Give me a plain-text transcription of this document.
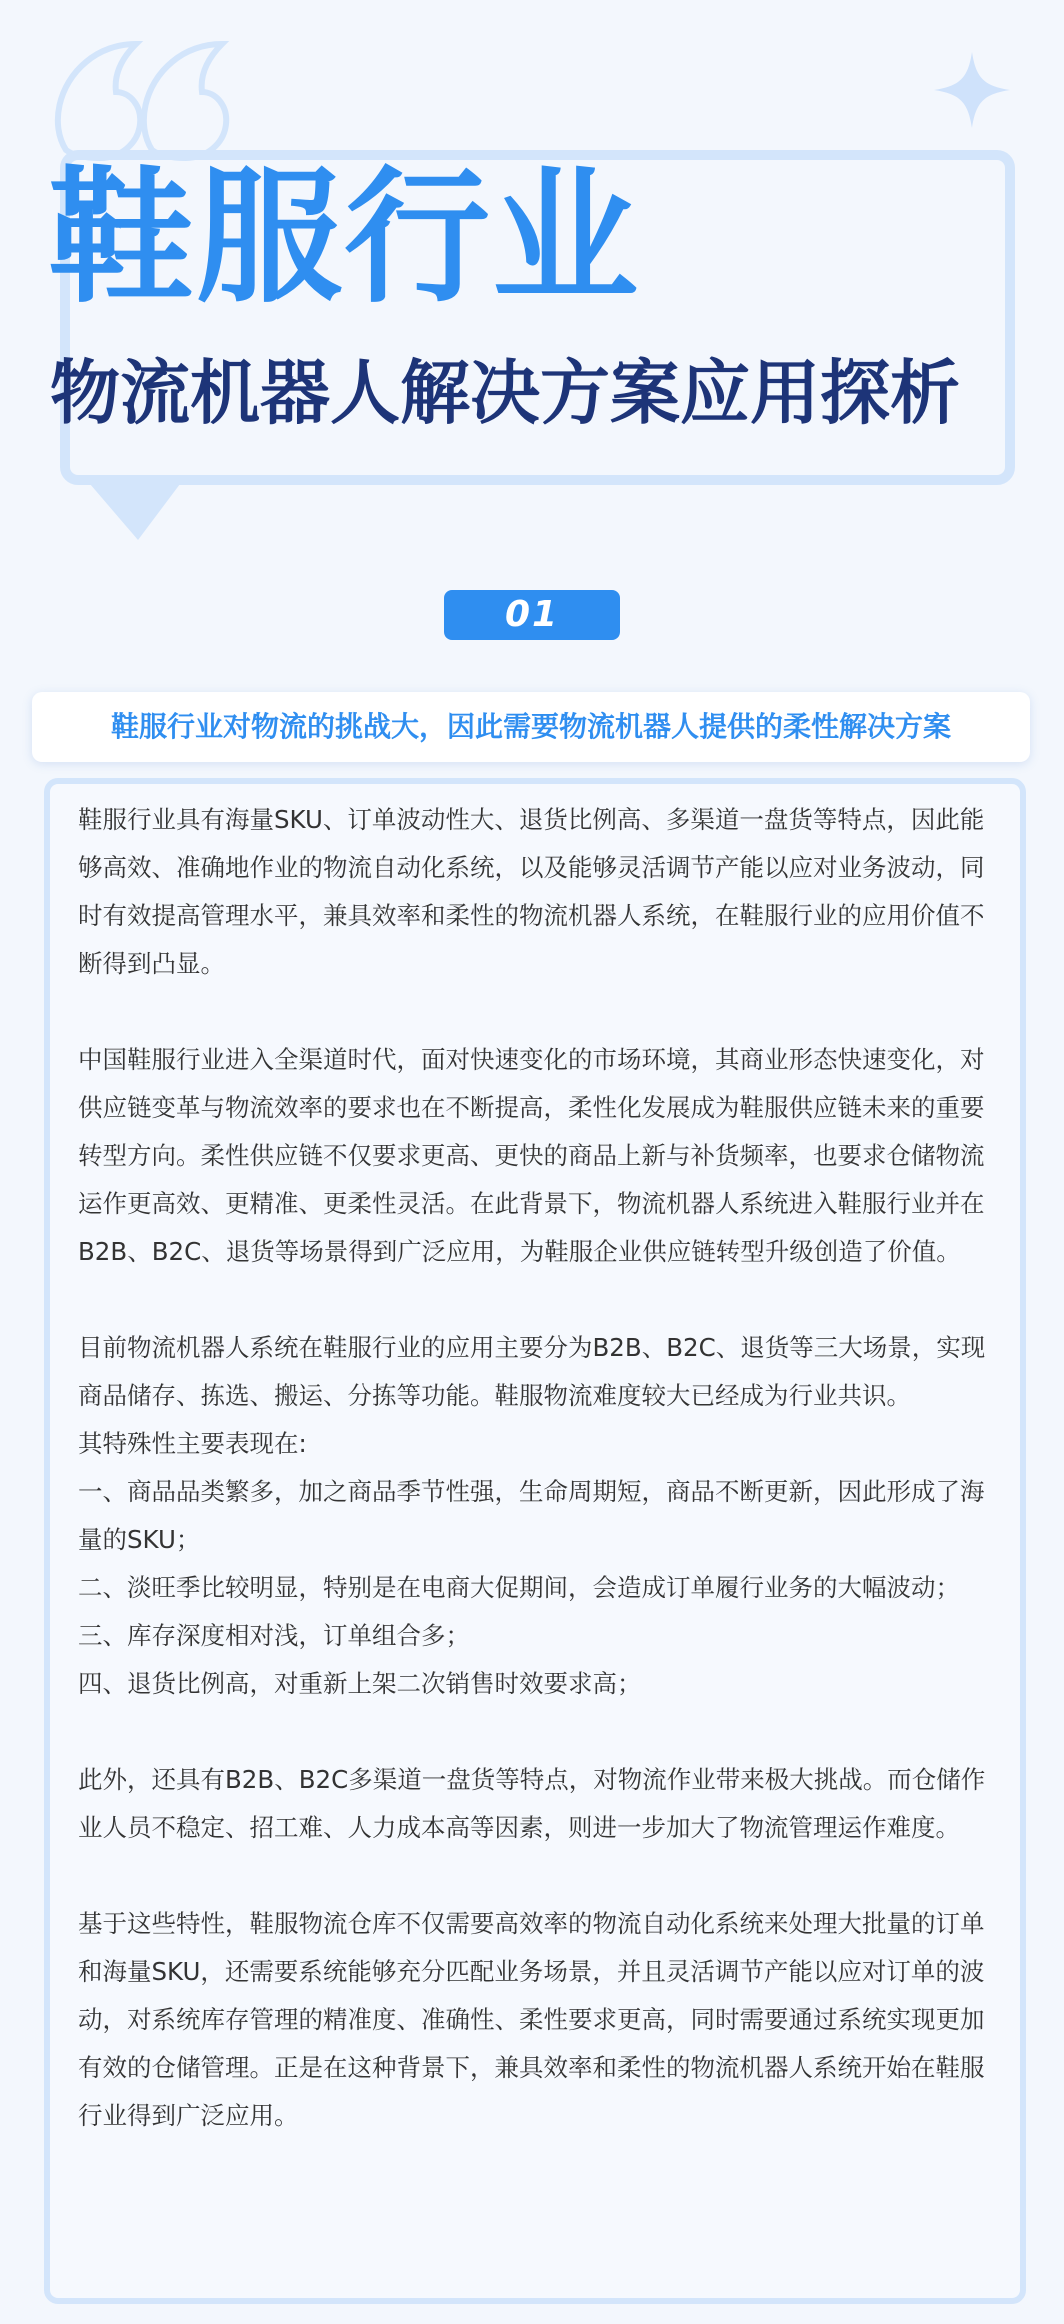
鞋服行业
物流机器人解决方案应用探析
01
鞋服行业对物流的挑战大，因此需要物流机器人提供的柔性解决方案

鞋服行业具有海量SKU、订单波动性大、退货比例高、多渠道一盘货等特点，因此能够高效、准确地作业的物流自动化系统，以及能够灵活调节产能以应对业务波动，同时有效提高管理水平，兼具效率和柔性的物流机器人系统，在鞋服行业的应用价值不断得到凸显。

中国鞋服行业进入全渠道时代，面对快速变化的市场环境，其商业形态快速变化，对供应链变革与物流效率的要求也在不断提高，柔性化发展成为鞋服供应链未来的重要转型方向。柔性供应链不仅要求更高、更快的商品上新与补货频率，也要求仓储物流运作更高效、更精准、更柔性灵活。在此背景下，物流机器人系统进入鞋服行业并在B2B、B2C、退货等场景得到广泛应用，为鞋服企业供应链转型升级创造了价值。

目前物流机器人系统在鞋服行业的应用主要分为B2B、B2C、退货等三大场景，实现商品储存、拣选、搬运、分拣等功能。鞋服物流难度较大已经成为行业共识。

其特殊性主要表现在:

一、商品品类繁多，加之商品季节性强，生命周期短，商品不断更新，因此形成了海量的SKU；

二、淡旺季比较明显，特别是在电商大促期间，会造成订单履行业务的大幅波动；

三、库存深度相对浅，订单组合多；

四、退货比例高，对重新上架二次销售时效要求高；

此外，还具有B2B、B2C多渠道一盘货等特点，对物流作业带来极大挑战。而仓储作业人员不稳定、招工难、人力成本高等因素，则进一步加大了物流管理运作难度。

基于这些特性，鞋服物流仓库不仅需要高效率的物流自动化系统来处理大批量的订单和海量SKU，还需要系统能够充分匹配业务场景，并且灵活调节产能以应对订单的波动，对系统库存管理的精准度、准确性、柔性要求更高，同时需要通过系统实现更加有效的仓储管理。正是在这种背景下，兼具效率和柔性的物流机器人系统开始在鞋服行业得到广泛应用。
